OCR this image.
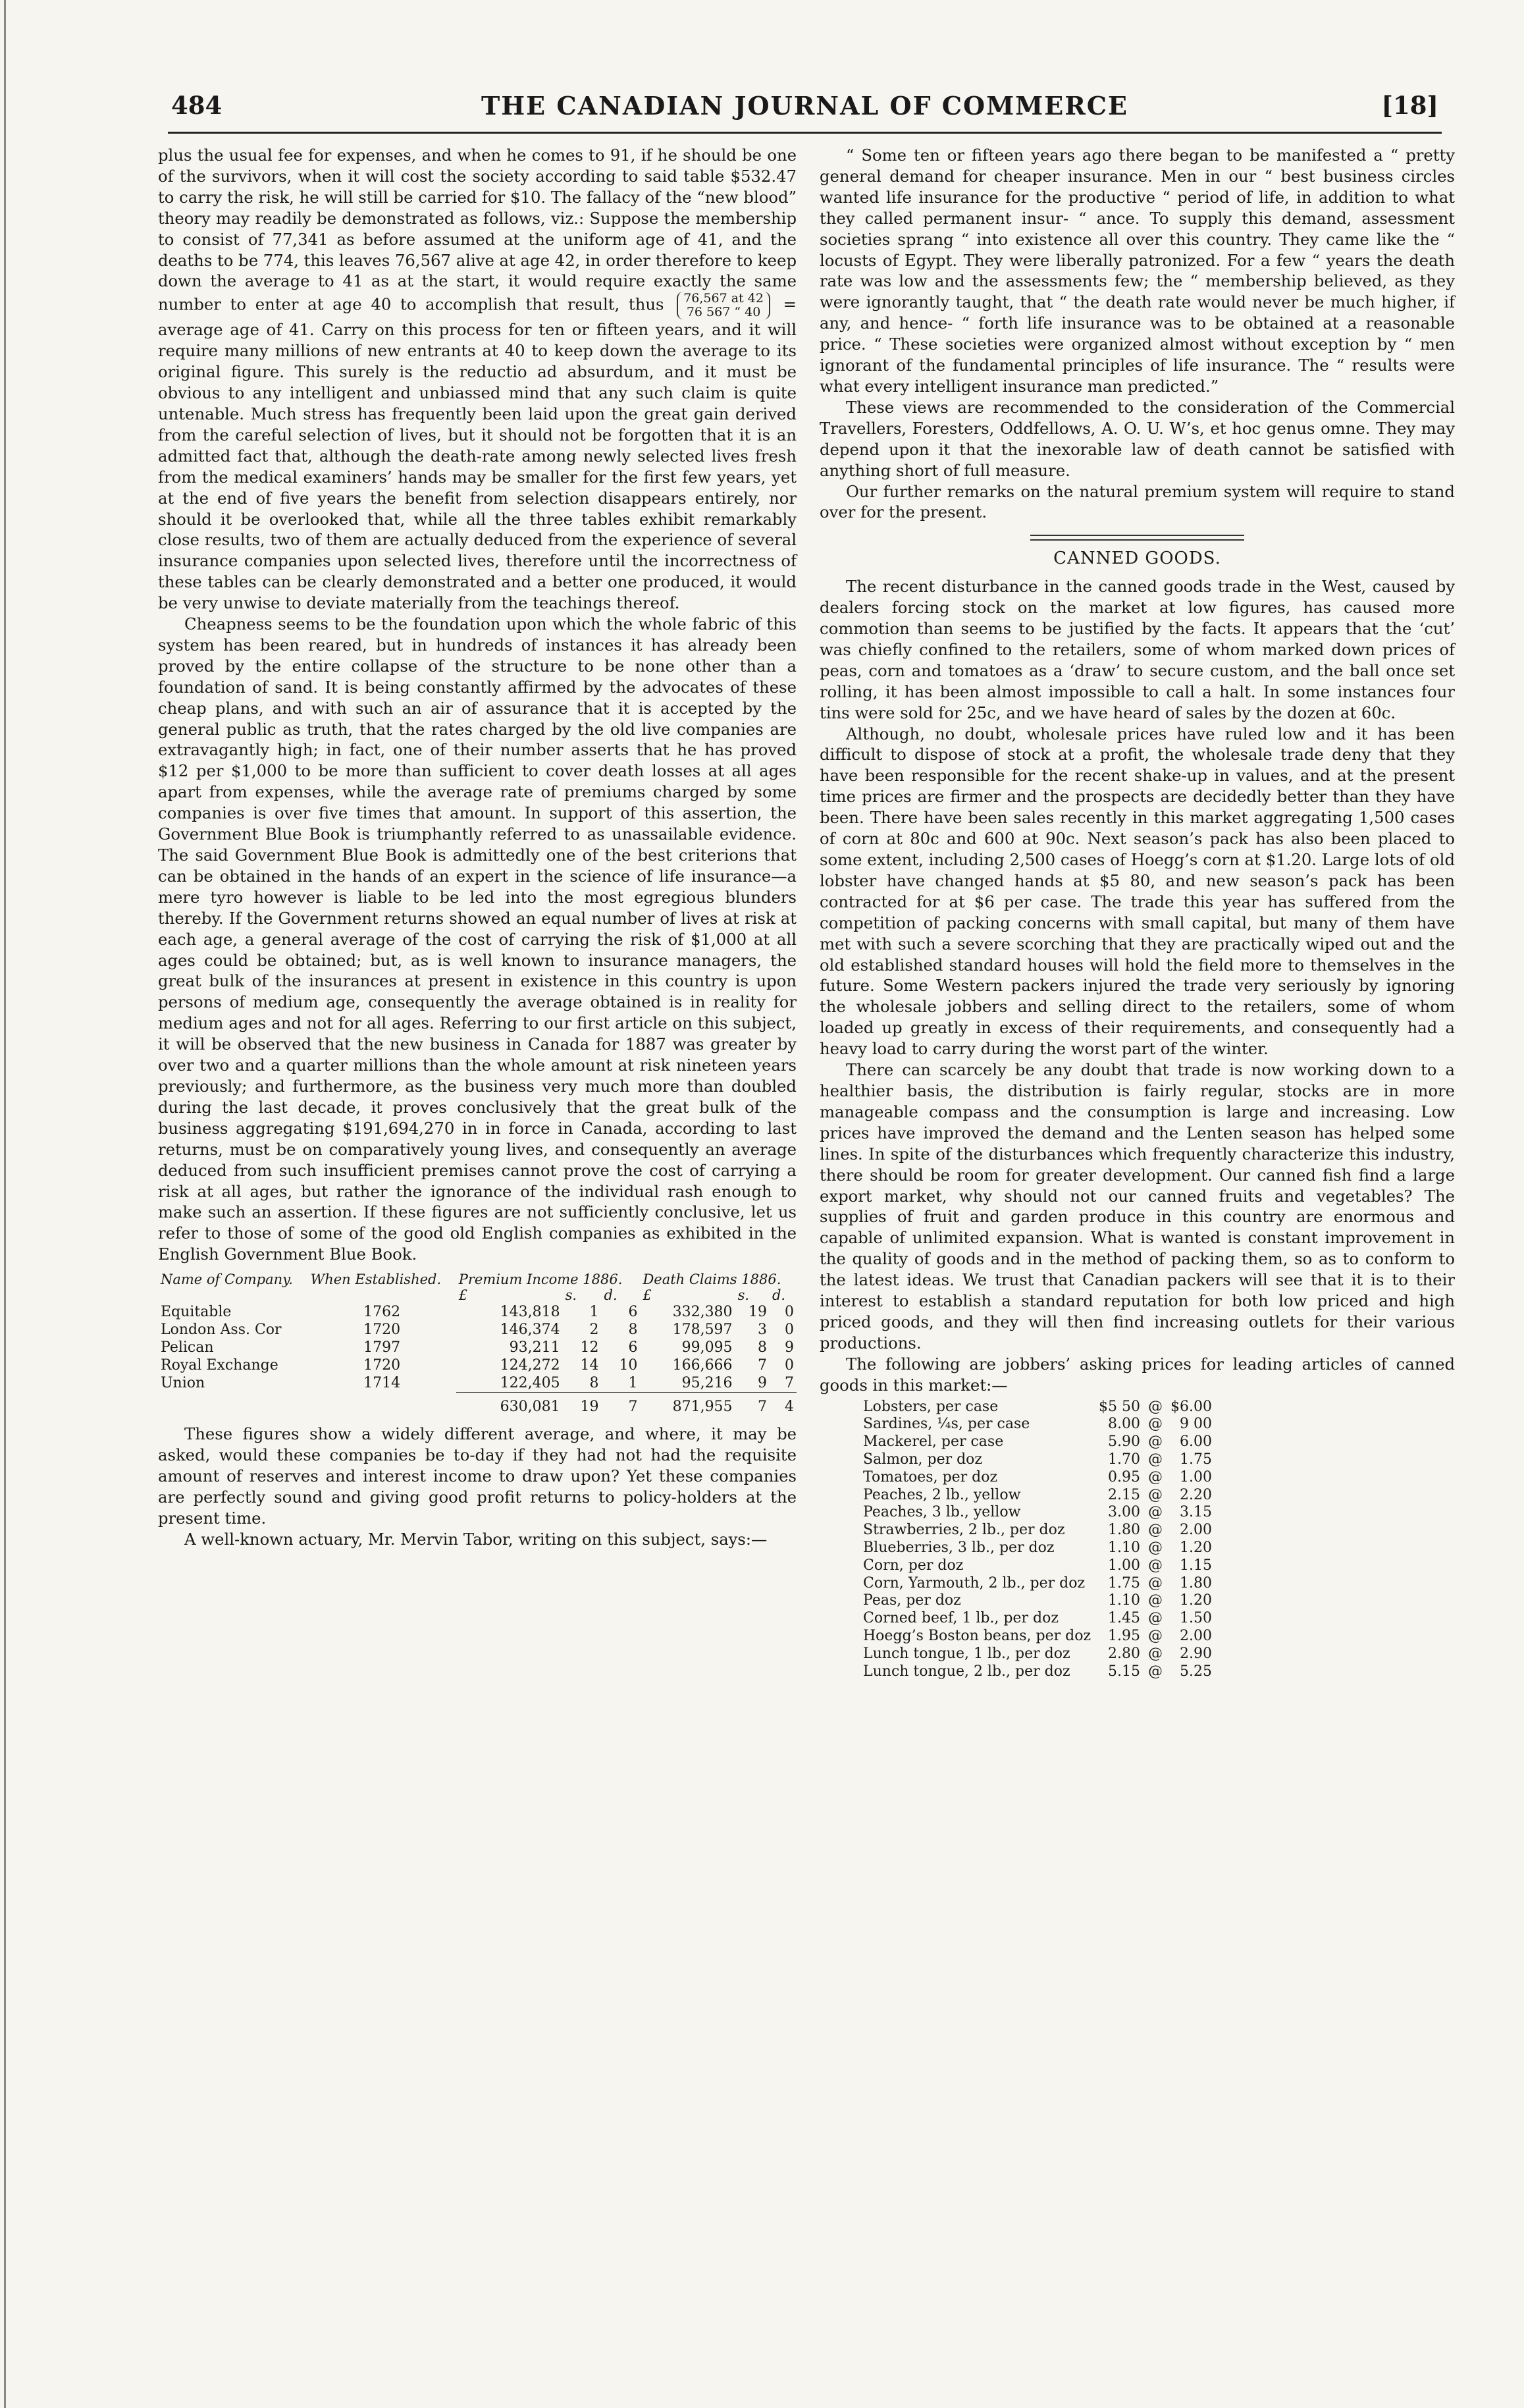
484	THE CANADIAN JOURNAL OF COMMERCE	[18]

plus the usual fee for expenses, and when he comes to 91, if he should be one of the survivors, when it will cost the society according to said table $532.47 to carry the risk, he will still be carried for $10. The fallacy of the “new blood” theory may readily be demonstrated as follows, viz.: Suppose the membership to consist of 77,341 as before assumed at the uniform age of 41, and the deaths to be 774, this leaves 76,567 alive at age 42, in order therefore to keep down the average to 41 as at the start, it would require exactly the same number to enter at age 40 to accomplish that result, thus 76,567 at 42
76 567 “ 40 = average age of 41. Carry on this process for ten or fifteen years, and it will require many millions of new entrants at 40 to keep down the average to its original figure. This surely is the reductio ad absurdum, and it must be obvious to any intelligent and unbiassed mind that any such claim is quite untenable. Much stress has frequently been laid upon the great gain derived from the careful selection of lives, but it should not be forgotten that it is an admitted fact that, although the death-rate among newly selected lives fresh from the medical examiners’ hands may be smaller for the first few years, yet at the end of five years the benefit from selection disappears entirely, nor should it be overlooked that, while all the three tables exhibit remarkably close results, two of them are actually deduced from the experience of several insurance companies upon selected lives, therefore until the incorrectness of these tables can be clearly demonstrated and a better one produced, it would be very unwise to deviate materially from the teachings thereof.

Cheapness seems to be the foundation upon which the whole fabric of this system has been reared, but in hundreds of instances it has already been proved by the entire collapse of the structure to be none other than a foundation of sand. It is being constantly affirmed by the advocates of these cheap plans, and with such an air of assurance that it is accepted by the general public as truth, that the rates charged by the old live companies are extravagantly high; in fact, one of their number asserts that he has proved $12 per $1,000 to be more than sufficient to cover death losses at all ages apart from expenses, while the average rate of premiums charged by some companies is over five times that amount. In support of this assertion, the Government Blue Book is triumphantly referred to as unassailable evidence. The said Government Blue Book is admittedly one of the best criterions that can be obtained in the hands of an expert in the science of life insurance—a mere tyro however is liable to be led into the most egregious blunders thereby. If the Government returns showed an equal number of lives at risk at each age, a general average of the cost of carrying the risk of $1,000 at all ages could be obtained; but, as is well known to insurance managers, the great bulk of the insurances at present in existence in this country is upon persons of medium age, consequently the average obtained is in reality for medium ages and not for all ages. Referring to our first article on this subject, it will be observed that the new business in Canada for 1887 was greater by over two and a quarter millions than the whole amount at risk nineteen years previously; and furthermore, as the business very much more than doubled during the last decade, it proves conclusively that the great bulk of the business aggregating $191,694,270 in in force in Canada, according to last returns, must be on comparatively young lives, and consequently an average deduced from such insufficient premises cannot prove the cost of carrying a risk at all ages, but rather the ignorance of the individual rash enough to make such an assertion. If these figures are not sufficiently conclusive, let us refer to those of some of the good old English companies as exhibited in the English Government Blue Book.

Name of Company.	When Established.	Premium Income 1886.			Death Claims 1886.		
		£	s.	d.	£	s.	d.
Equitable	1762	143,818	1	6	332,380	19	0
London Ass. Cor	1720	146,374	2	8	178,597	3	0
Pelican	1797	93,211	12	6	99,095	8	9
Royal Exchange	1720	124,272	14	10	166,666	7	0
Union	1714	122,405	8	1	95,216	9	7
		630,081	19	7	871,955	7	4

These figures show a widely different average, and where, it may be asked, would these companies be to-day if they had not had the requisite amount of reserves and interest income to draw upon? Yet these companies are perfectly sound and giving good profit returns to policy-holders at the present time.

A well-known actuary, Mr. Mervin Tabor, writing on this subject, says:—

“ Some ten or fifteen years ago there began to be manifested a “ pretty general demand for cheaper insurance. Men in our “ best business circles wanted life insurance for the productive “ period of life, in addition to what they called permanent insur- “ ance. To supply this demand, assessment societies sprang “ into existence all over this country. They came like the “ locusts of Egypt. They were liberally patronized. For a few “ years the death rate was low and the assessments few; the “ membership believed, as they were ignorantly taught, that “ the death rate would never be much higher, if any, and hence- “ forth life insurance was to be obtained at a reasonable price. “ These societies were organized almost without exception by “ men ignorant of the fundamental principles of life insurance. The “ results were what every intelligent insurance man predicted.”

These views are recommended to the consideration of the Commercial Travellers, Foresters, Oddfellows, A. O. U. W’s, et hoc genus omne. They may depend upon it that the inexorable law of death cannot be satisfied with anything short of full measure.

Our further remarks on the natural premium system will require to stand over for the present.

CANNED GOODS.

The recent disturbance in the canned goods trade in the West, caused by dealers forcing stock on the market at low figures, has caused more commotion than seems to be justified by the facts. It appears that the ‘cut’ was chiefly confined to the retailers, some of whom marked down prices of peas, corn and tomatoes as a ‘draw’ to secure custom, and the ball once set rolling, it has been almost impossible to call a halt. In some instances four tins were sold for 25c, and we have heard of sales by the dozen at 60c.

Although, no doubt, wholesale prices have ruled low and it has been difficult to dispose of stock at a profit, the wholesale trade deny that they have been responsible for the recent shake-up in values, and at the present time prices are firmer and the prospects are decidedly better than they have been. There have been sales recently in this market aggregating 1,500 cases of corn at 80c and 600 at 90c. Next season’s pack has also been placed to some extent, including 2,500 cases of Hoegg’s corn at $1.20. Large lots of old lobster have changed hands at $5 80, and new season’s pack has been contracted for at $6 per case. The trade this year has suffered from the competition of packing concerns with small capital, but many of them have met with such a severe scorching that they are practically wiped out and the old established standard houses will hold the field more to themselves in the future. Some Western packers injured the trade very seriously by ignoring the wholesale jobbers and selling direct to the retailers, some of whom loaded up greatly in excess of their requirements, and consequently had a heavy load to carry during the worst part of the winter.

There can scarcely be any doubt that trade is now working down to a healthier basis, the distribution is fairly regular, stocks are in more manageable compass and the consumption is large and increasing. Low prices have improved the demand and the Lenten season has helped some lines. In spite of the disturbances which frequently characterize this industry, there should be room for greater development. Our canned fish find a large export market, why should not our canned fruits and vegetables? The supplies of fruit and garden produce in this country are enormous and capable of unlimited expansion. What is wanted is constant improvement in the quality of goods and in the method of packing them, so as to conform to the latest ideas. We trust that Canadian packers will see that it is to their interest to establish a standard reputation for both low priced and high priced goods, and they will then find increasing outlets for their various productions.

The following are jobbers’ asking prices for leading articles of canned goods in this market:—

Lobsters, per case	$5 50	@	$6.00
Sardines, ¼s, per case	8.00	@	9 00
Mackerel, per case	5.90	@	6.00
Salmon, per doz	1.70	@	1.75
Tomatoes, per doz	0.95	@	1.00
Peaches, 2 lb., yellow	2.15	@	2.20
Peaches, 3 lb., yellow	3.00	@	3.15
Strawberries, 2 lb., per doz	1.80	@	2.00
Blueberries, 3 lb., per doz	1.10	@	1.20
Corn, per doz	1.00	@	1.15
Corn, Yarmouth, 2 lb., per doz	1.75	@	1.80
Peas, per doz	1.10	@	1.20
Corned beef, 1 lb., per doz	1.45	@	1.50
Hoegg’s Boston beans, per doz	1.95	@	2.00
Lunch tongue, 1 lb., per doz	2.80	@	2.90
Lunch tongue, 2 lb., per doz	5.15	@	5.25
